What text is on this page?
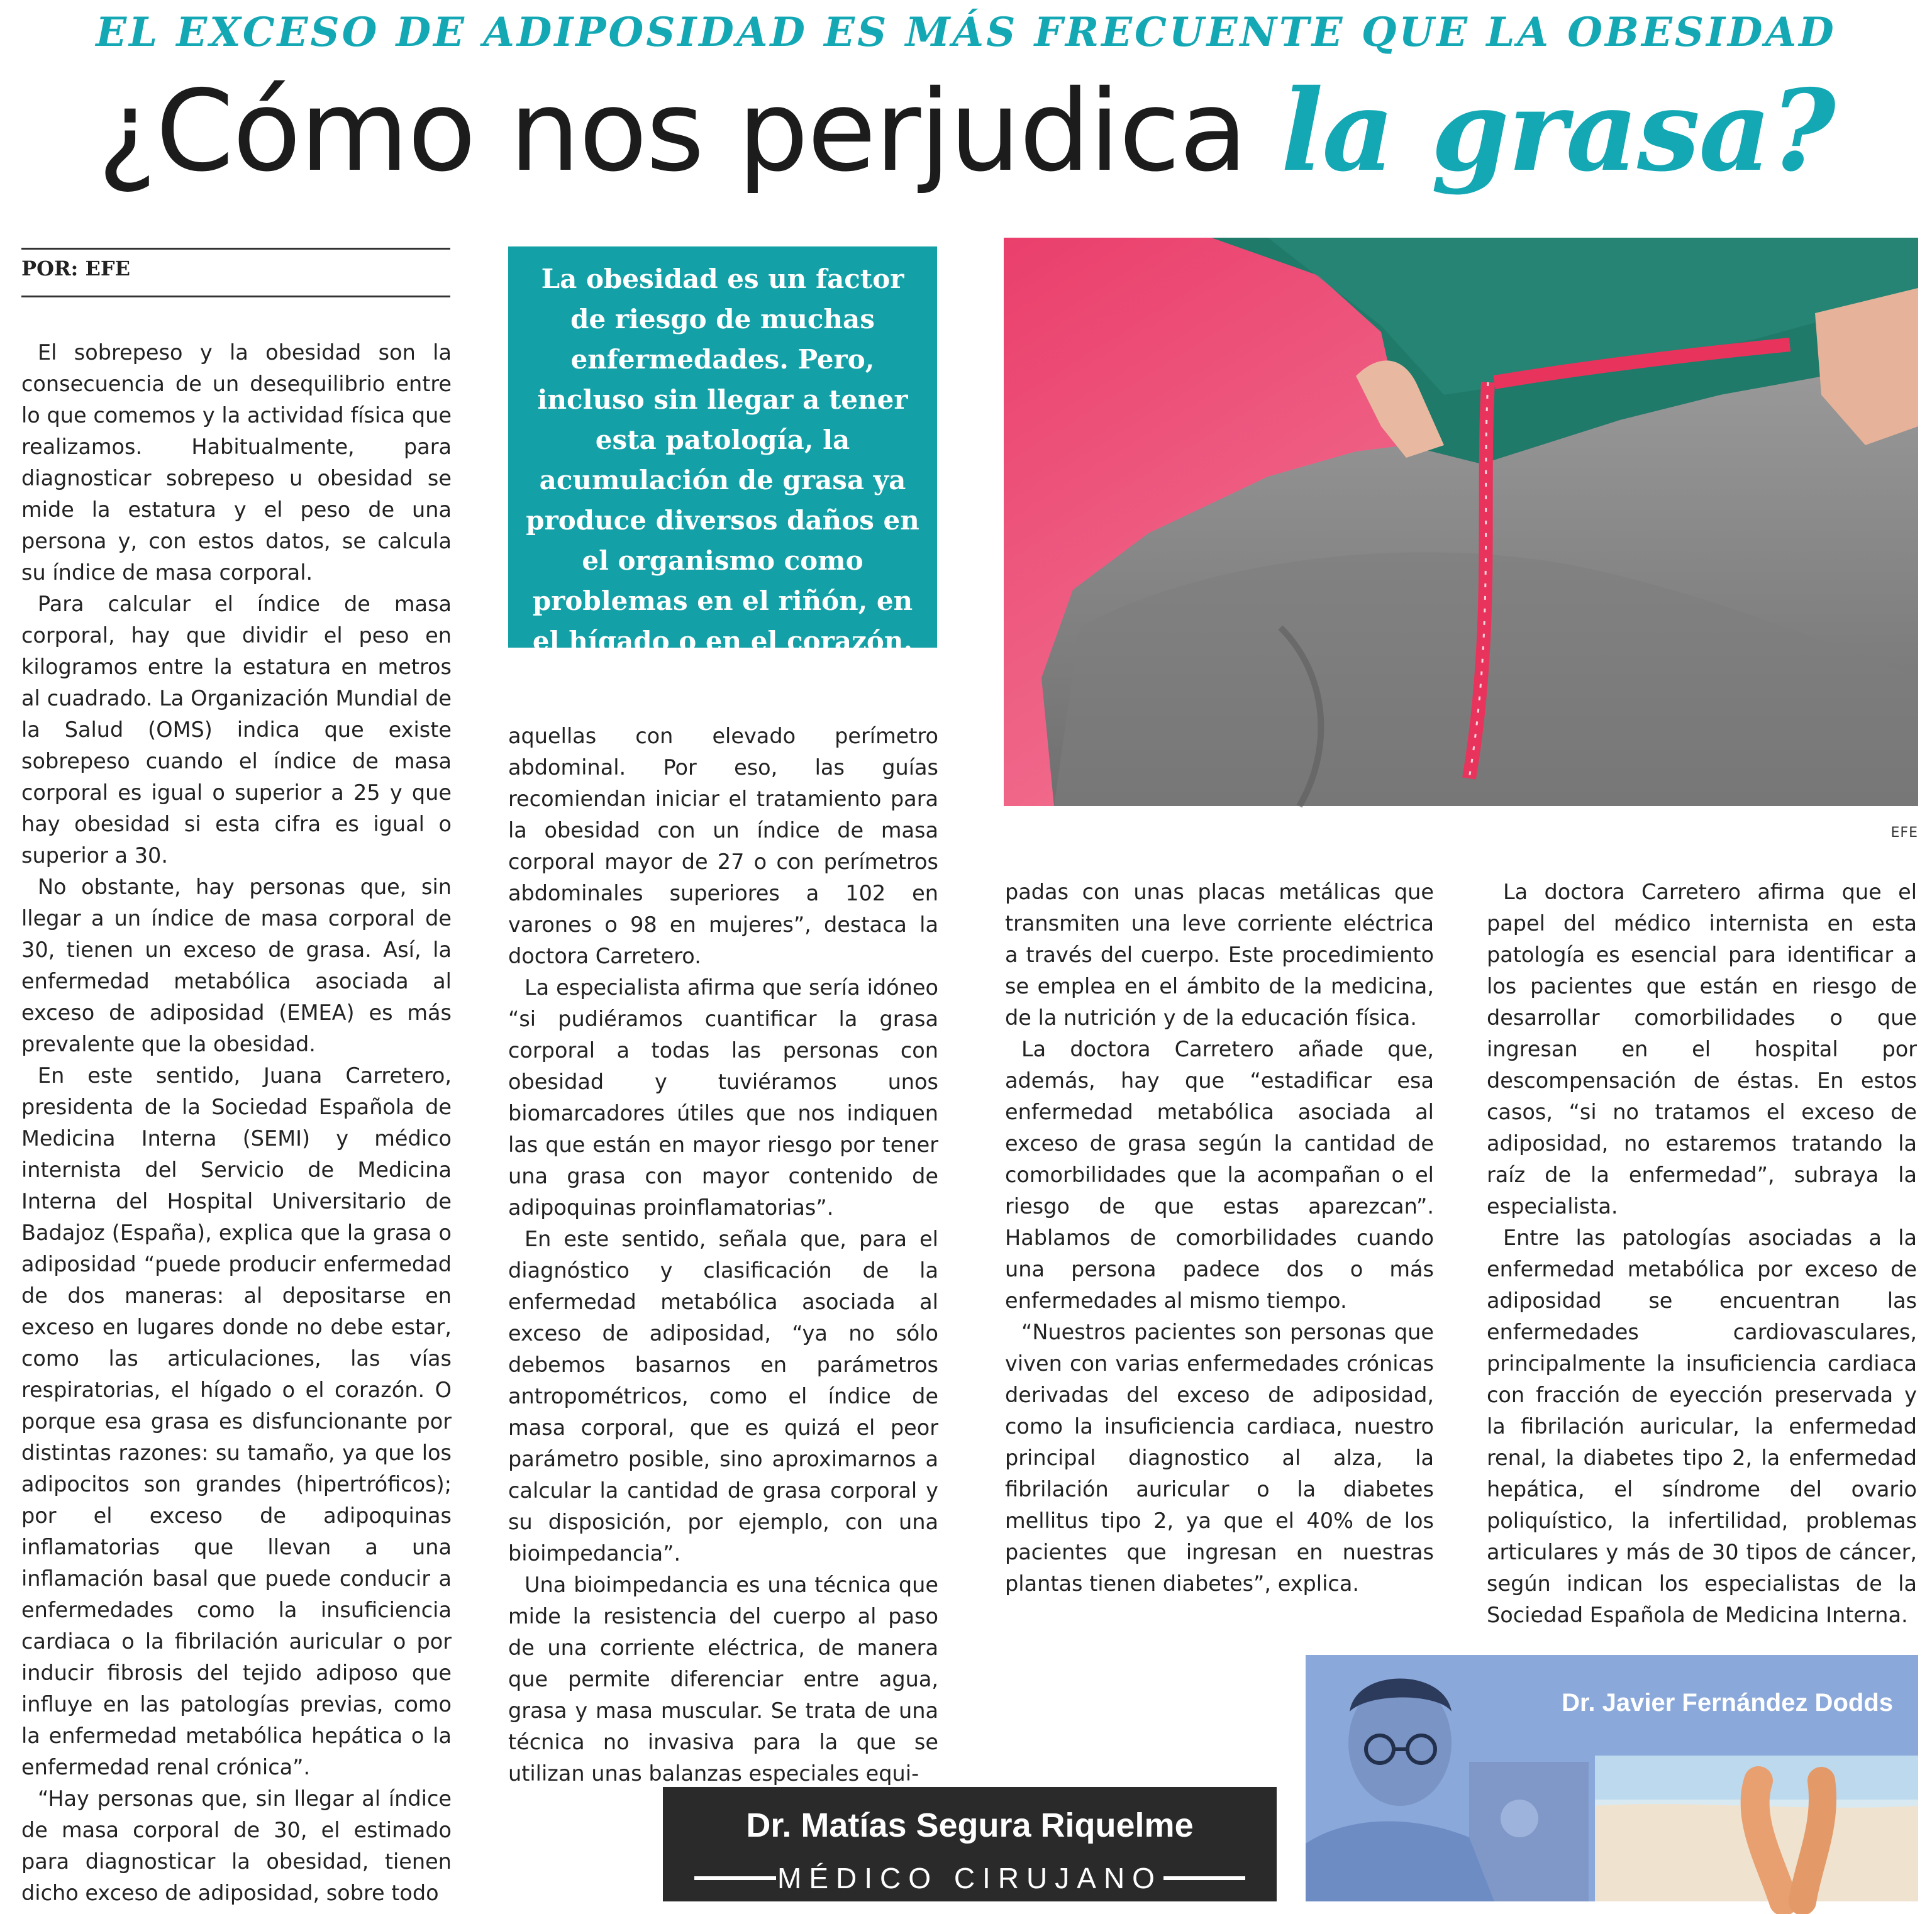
EL EXCESO DE ADIPOSIDAD ES MÁS FRECUENTE QUE LA OBESIDAD
¿Cómo nos perjudica la grasa?
POR: EFE

El sobrepeso y la obesidad son la consecuencia de un desequilibrio entre lo que comemos y la actividad física que realizamos. Habitualmente, para diagnosticar sobrepeso u obesidad se mide la estatura y el peso de una persona y, con estos datos, se calcula su índice de masa corporal.

Para calcular el índice de masa corporal, hay que dividir el peso en kilogramos entre la estatura en metros al cuadrado. La Organización Mundial de la Salud (OMS) indica que existe sobrepeso cuando el índice de masa corporal es igual o superior a 25 y que hay obesidad si esta cifra es igual o superior a 30.

No obstante, hay personas que, sin llegar a un índice de masa corporal de 30, tienen un exceso de grasa. Así, la enfermedad metabólica asociada al exceso de adiposidad (EMEA) es más prevalente que la obesidad.

En este sentido, Juana Carretero, presidenta de la Sociedad Española de Medicina Interna (SEMI) y médico internista del Servicio de Medicina Interna del Hospital Universitario de Badajoz (España), explica que la grasa o adiposidad “puede producir enfermedad de dos maneras: al depositarse en exceso en lugares donde no debe estar, como las articulaciones, las vías respiratorias, el hígado o el corazón. O porque esa grasa es disfuncionante por distintas razones: su tamaño, ya que los adipocitos son grandes (hipertróficos); por el exceso de adipoquinas inflamatorias que llevan a una inflamación basal que puede conducir a enfermedades como la insuficiencia cardiaca o la fibrilación auricular o por inducir fibrosis del tejido adiposo que influye en las patologías previas, como la enfermedad metabólica hepática o la enfermedad renal crónica”.

“Hay personas que, sin llegar al índice de masa corporal de 30, el estimado para diagnosticar la obesidad, tienen dicho exceso de adiposidad, sobre todo

La obesidad es un factor de riesgo de muchas enfermedades. Pero, incluso sin llegar a tener esta patología, la acumulación de grasa ya produce diversos daños en el organismo como problemas en el riñón, en el hígado o en el corazón.

aquellas con elevado perímetro abdominal. Por eso, las guías recomiendan iniciar el tratamiento para la obesidad con un índice de masa corporal mayor de 27 o con perímetros abdominales superiores a 102 en varones o 98 en mujeres”, destaca la doctora Carretero.

La especialista afirma que sería idóneo “si pudiéramos cuantificar la grasa corporal a todas las personas con obesidad y tuviéramos unos biomarcadores útiles que nos indiquen las que están en mayor riesgo por tener una grasa con mayor contenido de adipoquinas proinflamatorias”.

En este sentido, señala que, para el diagnóstico y clasificación de la enfermedad metabólica asociada al exceso de adiposidad, “ya no sólo debemos basarnos en parámetros antropométricos, como el índice de masa corporal, que es quizá el peor parámetro posible, sino aproximarnos a calcular la cantidad de grasa corporal y su disposición, por ejemplo, con una bioimpedancia”.

Una bioimpedancia es una técnica que mide la resistencia del cuerpo al paso de una corriente eléctrica, de manera que permite diferenciar entre agua, grasa y masa muscular. Se trata de una técnica no invasiva para la que se utilizan unas balanzas especiales equi-

EFE

padas con unas placas metálicas que transmiten una leve corriente eléctrica a través del cuerpo. Este procedimiento se emplea en el ámbito de la medicina, de la nutrición y de la educación física.

La doctora Carretero añade que, además, hay que “estadificar esa enfermedad metabólica asociada al exceso de grasa según la cantidad de comorbilidades que la acompañan o el riesgo de que estas aparezcan”. Hablamos de comorbilidades cuando una persona padece dos o más enfermedades al mismo tiempo.

“Nuestros pacientes son personas que viven con varias enfermedades crónicas derivadas del exceso de adiposidad, como la insuficiencia cardiaca, nuestro principal diagnostico al alza, la fibrilación auricular o la diabetes mellitus tipo 2, ya que el 40% de los pacientes que ingresan en nuestras plantas tienen diabetes”, explica.

La doctora Carretero afirma que el papel del médico internista en esta patología es esencial para identificar a los pacientes que están en riesgo de desarrollar comorbilidades o que ingresan en el hospital por descompensación de éstas. En estos casos, “si no tratamos el exceso de adiposidad, no estaremos tratando la raíz de la enfermedad”, subraya la especialista.

Entre las patologías asociadas a la enfermedad metabólica por exceso de adiposidad se encuentran las enfermedades cardiovasculares, principalmente la insuficiencia cardiaca con fracción de eyección preservada y la fibrilación auricular, la enfermedad renal, la diabetes tipo 2, la enfermedad hepática, el síndrome del ovario poliquístico, la infertilidad, problemas articulares y más de 30 tipos de cáncer, según indican los especialistas de la Sociedad Española de Medicina Interna.

Dr. Matías Segura Riquelme
MÉDICO CIRUJANO
Dr. Javier Fernández Dodds
